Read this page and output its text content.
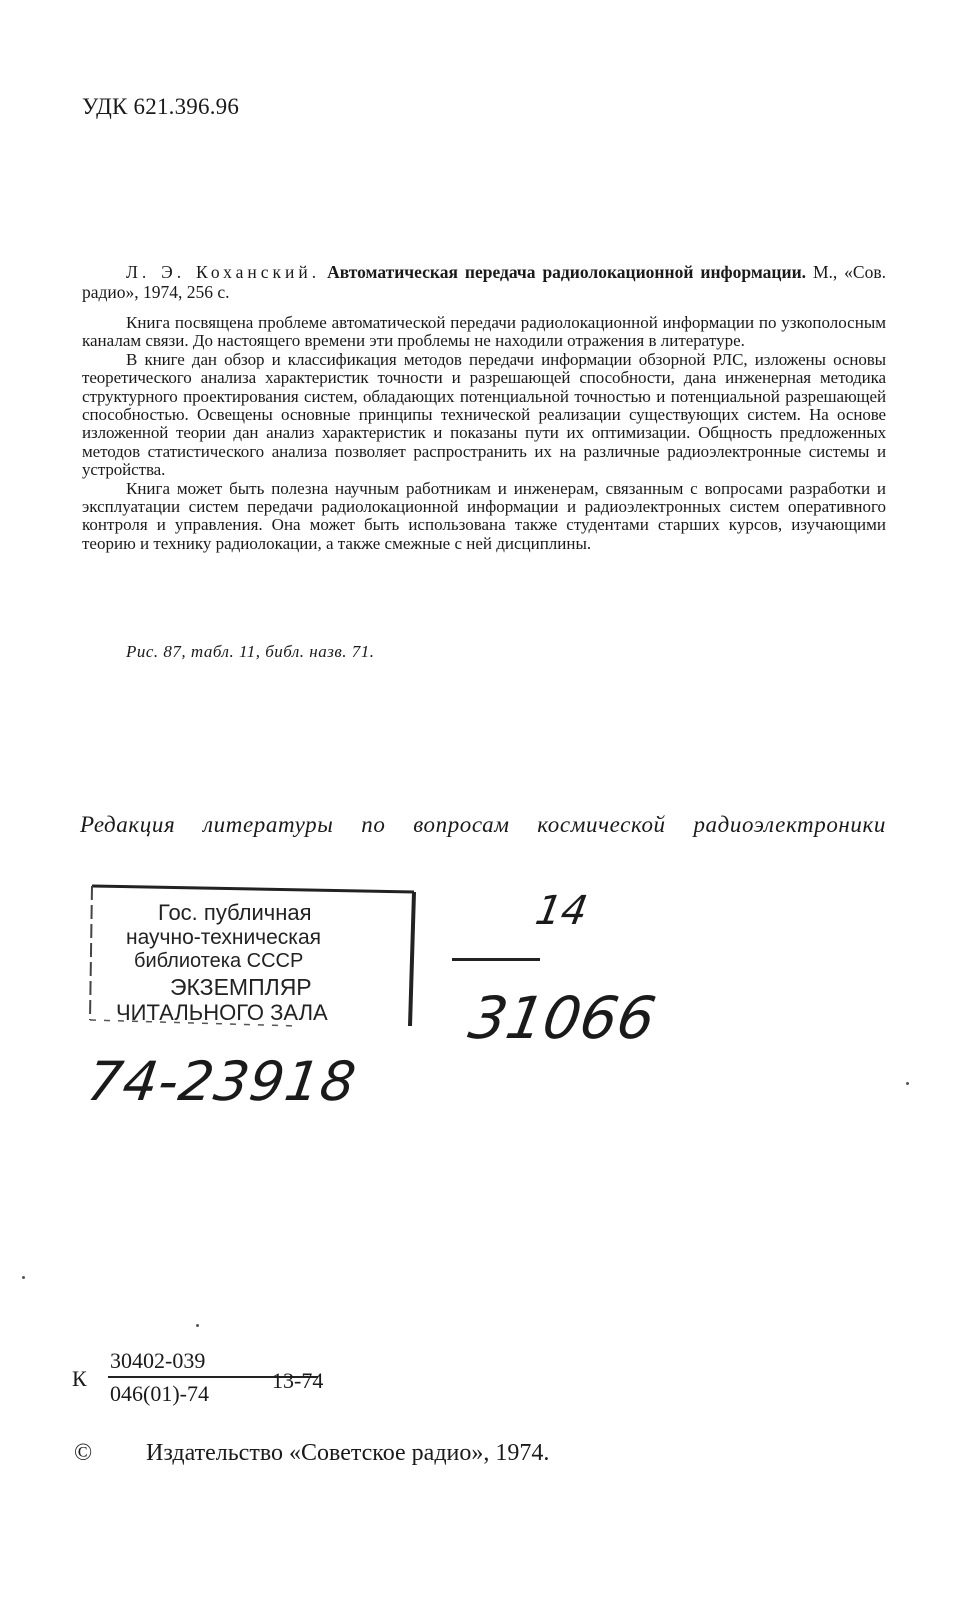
УДК 621.396.96
Л. Э. Коханский. Автоматическая передача радиолокационной информации. М., «Сов. радио», 1974, 256 с.

Книга посвящена проблеме автоматической передачи радиолокационной информации по узкополосным каналам связи. До настоящего времени эти проблемы не находили отражения в литературе.

В книге дан обзор и классификация методов передачи информации обзорной РЛС, изложены основы теоретического анализа характеристик точности и разрешающей способности, дана инженерная методика структурного проектирования систем, обладающих потенциальной точностью и потенциальной разрешающей способностью. Освещены основные принципы технической реализации существующих систем. На основе изложенной теории дан анализ характеристик и показаны пути их оптимизации. Общность предложенных методов статистического анализа позволяет распространить их на различные радиоэлектронные системы и устройства.

Книга может быть полезна научным работникам и инженерам, связанным с вопросами разработки и эксплуатации систем передачи радиолокационной информации и радиоэлектронных систем оперативного контроля и управления. Она может быть использована также студентами старших курсов, изучающими теорию и технику радиолокации, а также смежные с ней дисциплины.

Рис. 87, табл. 11, библ. назв. 71.
Редакция литературы по вопросам космической радиоэлектроники
Гос. публичная
научно-техническая
библиотека СССР
ЭКЗЕМПЛЯР
ЧИТАЛЬНОГО ЗАЛА
14
31066
74-23918
К
30402-039
046(01)-74
13-74
© Издательство «Советское радио», 1974.
